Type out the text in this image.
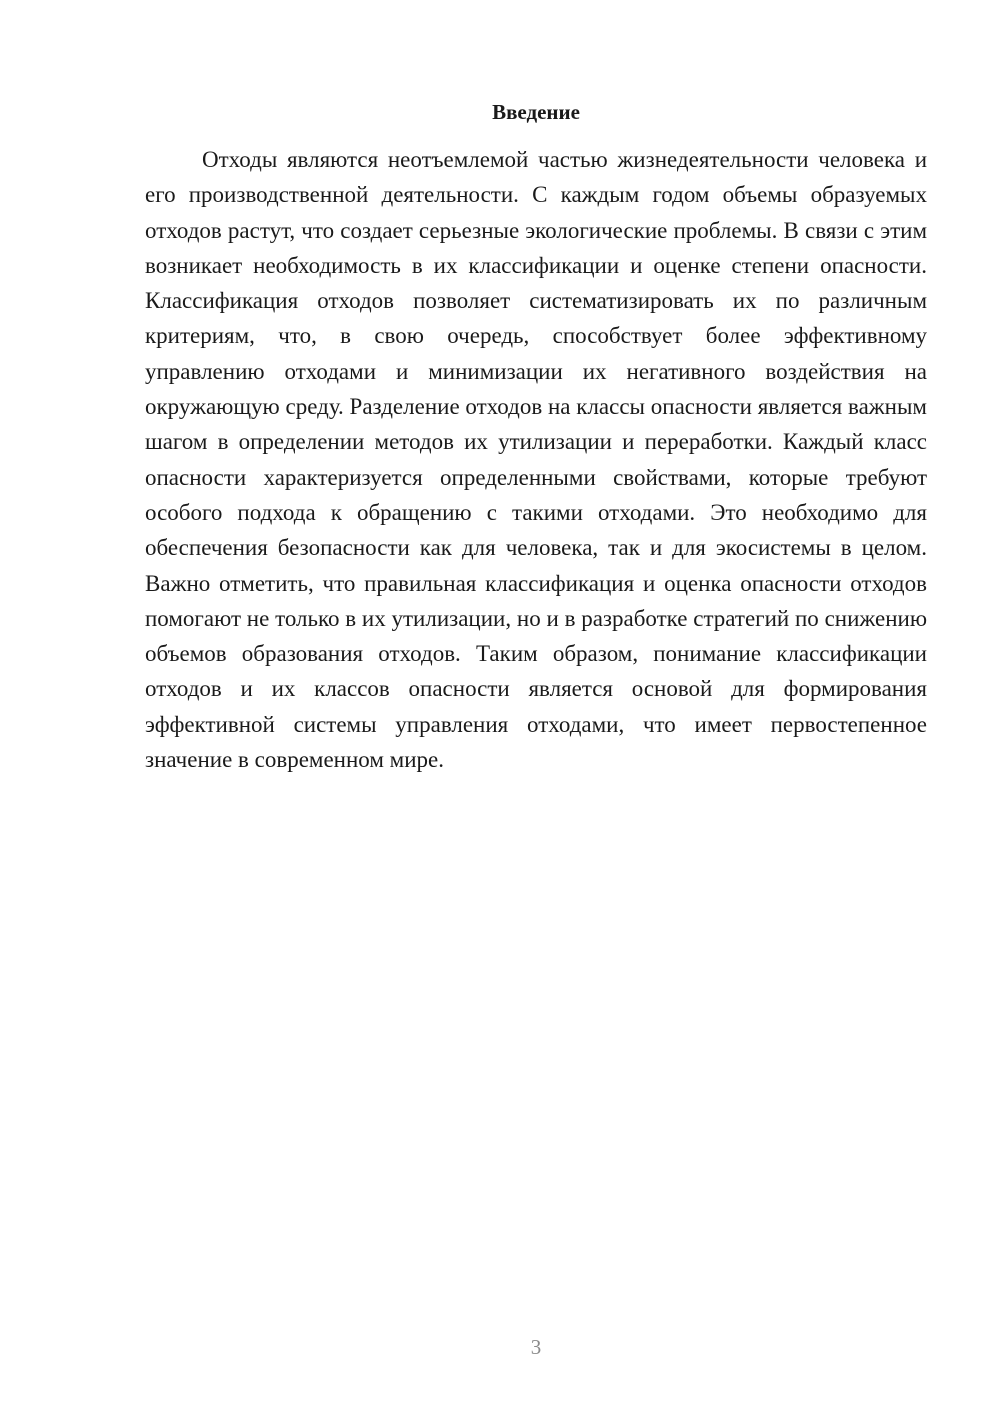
Введение

Отходы являются неотъемлемой частью жизнедеятельности человека и его производственной деятельности. С каждым годом объемы образуемых отходов растут, что создает серьезные экологические проблемы. В связи с этим возникает необходимость в их классификации и оценке степени опасности. Классификация отходов позволяет систематизировать их по различным критериям, что, в свою очередь, способствует более эффективному управлению отходами и минимизации их негативного воздействия на окружающую среду. Разделение отходов на классы опасности является важным шагом в определении методов их утилизации и переработки. Каждый класс опасности характеризуется определенными свойствами, которые требуют особого подхода к обращению с такими отходами. Это необходимо для обеспечения безопасности как для человека, так и для экосистемы в целом. Важно отметить, что правильная классификация и оценка опасности отходов помогают не только в их утилизации, но и в разработке стратегий по снижению объемов образования отходов. Таким образом, понимание классификации отходов и их классов опасности является основой для формирования эффективной системы управления отходами, что имеет первостепенное значение в современном мире.

3
